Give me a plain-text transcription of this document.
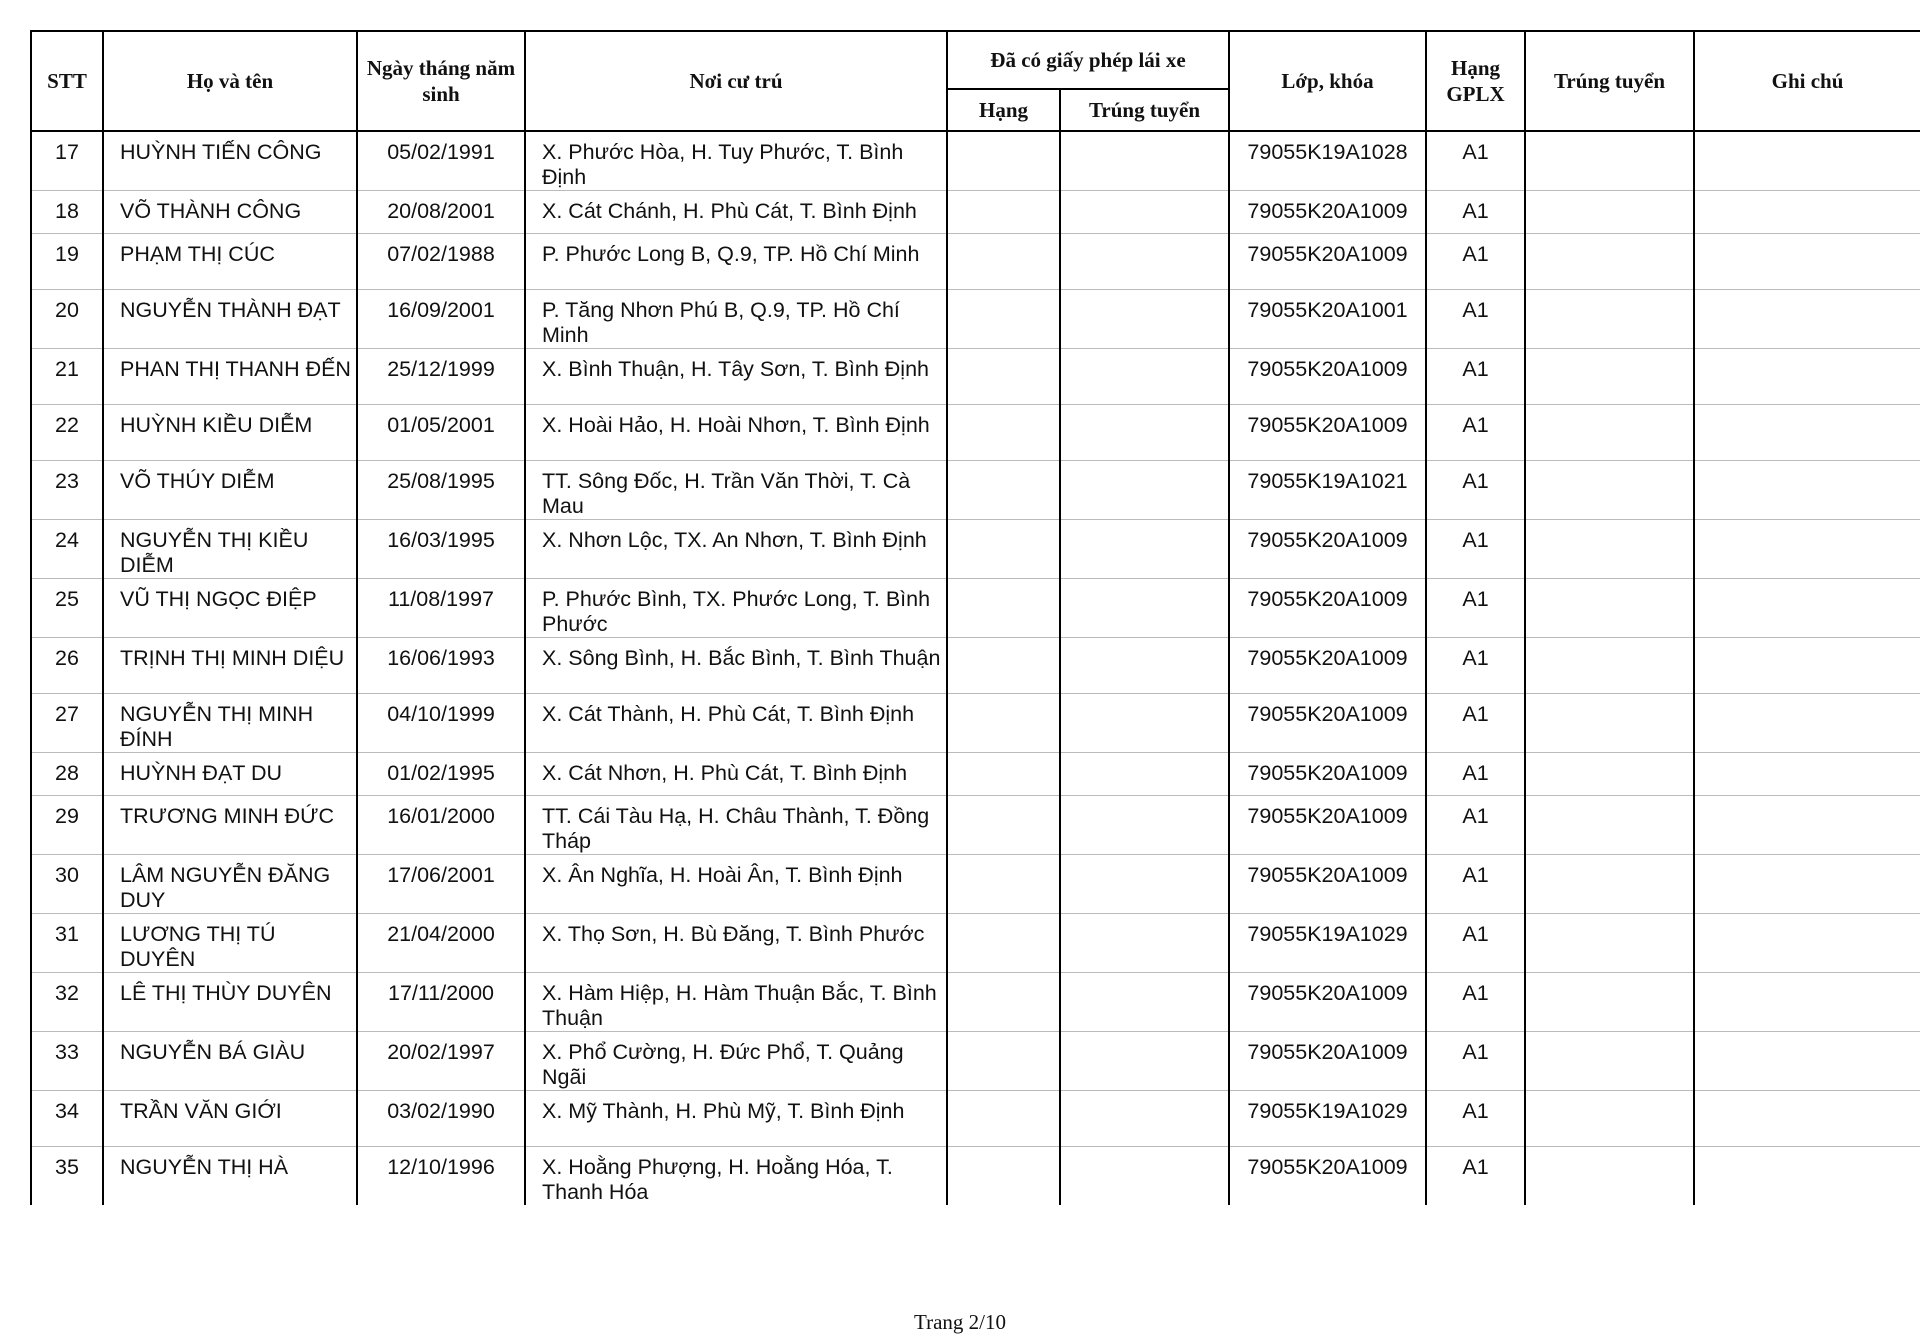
STT	Họ và tên	Ngày tháng năm sinh	Nơi cư trú	Đã có giấy phép lái xe		Lớp, khóa	Hạng GPLX	Trúng tuyển	Ghi chú
				Hạng	Trúng tuyển				
17	HUỲNH TIẾN CÔNG	05/02/1991	X. Phước Hòa, H. Tuy Phước, T. Bình Định			79055K19A1028	A1		
18	VÕ THÀNH CÔNG	20/08/2001	X. Cát Chánh, H. Phù Cát, T. Bình Định			79055K20A1009	A1		
19	PHẠM THỊ CÚC	07/02/1988	P. Phước Long B, Q.9, TP. Hồ Chí Minh			79055K20A1009	A1		
20	NGUYỄN THÀNH ĐẠT	16/09/2001	P. Tăng Nhơn Phú B, Q.9, TP. Hồ Chí Minh			79055K20A1001	A1		
21	PHAN THỊ THANH ĐẾN	25/12/1999	X. Bình Thuận, H. Tây Sơn, T. Bình Định			79055K20A1009	A1		
22	HUỲNH KIỀU DIỄM	01/05/2001	X. Hoài Hảo, H. Hoài Nhơn, T. Bình Định			79055K20A1009	A1		
23	VÕ THÚY DIỄM	25/08/1995	TT. Sông Đốc, H. Trần Văn Thời, T. Cà Mau			79055K19A1021	A1		
24	NGUYỄN THỊ KIỀU DIỄM	16/03/1995	X. Nhơn Lộc, TX. An Nhơn, T. Bình Định			79055K20A1009	A1		
25	VŨ THỊ NGỌC ĐIỆP	11/08/1997	P. Phước Bình, TX. Phước Long, T. Bình Phước			79055K20A1009	A1		
26	TRỊNH THỊ MINH DIỆU	16/06/1993	X. Sông Bình, H. Bắc Bình, T. Bình Thuận			79055K20A1009	A1		
27	NGUYỄN THỊ MINH ĐÍNH	04/10/1999	X. Cát Thành, H. Phù Cát, T. Bình Định			79055K20A1009	A1		
28	HUỲNH ĐẠT DU	01/02/1995	X. Cát Nhơn, H. Phù Cát, T. Bình Định			79055K20A1009	A1		
29	TRƯƠNG MINH ĐỨC	16/01/2000	TT. Cái Tàu Hạ, H. Châu Thành, T. Đồng Tháp			79055K20A1009	A1		
30	LÂM NGUYỄN ĐĂNG DUY	17/06/2001	X. Ân Nghĩa, H. Hoài Ân, T. Bình Định			79055K20A1009	A1		
31	LƯƠNG THỊ TÚ DUYÊN	21/04/2000	X. Thọ Sơn, H. Bù Đăng, T. Bình Phước			79055K19A1029	A1		
32	LÊ THỊ THÙY DUYÊN	17/11/2000	X. Hàm Hiệp, H. Hàm Thuận Bắc, T. Bình Thuận			79055K20A1009	A1		
33	NGUYỄN BÁ GIÀU	20/02/1997	X. Phổ Cường, H. Đức Phổ, T. Quảng Ngãi			79055K20A1009	A1		
34	TRẦN VĂN GIỚI	03/02/1990	X. Mỹ Thành, H. Phù Mỹ, T. Bình Định			79055K19A1029	A1		
35	NGUYỄN THỊ HÀ	12/10/1996	X. Hoằng Phượng, H. Hoằng Hóa, T. Thanh Hóa			79055K20A1009	A1		
Trang 2/10
